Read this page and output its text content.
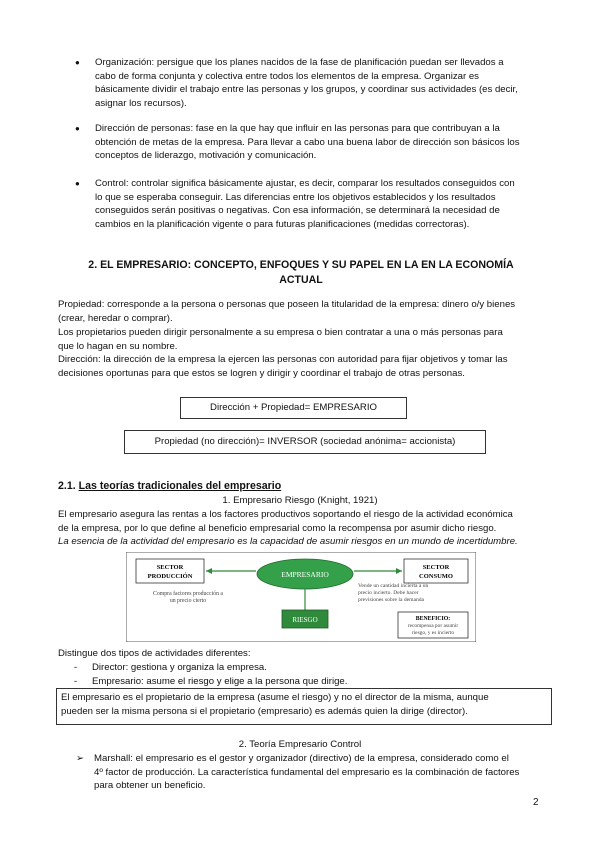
● Organización: persigue que los planes nacidos de la fase de planificación puedan ser llevados a
cabo de forma conjunta y colectiva entre todos los elementos de la empresa. Organizar es
básicamente dividir el trabajo entre las personas y los grupos, y coordinar sus actividades (es decir,
asignar los recursos).
● Dirección de personas: fase en la que hay que influir en las personas para que contribuyan a la
obtención de metas de la empresa. Para llevar a cabo una buena labor de dirección son básicos los
conceptos de liderazgo, motivación y comunicación.
● Control: controlar significa básicamente ajustar, es decir, comparar los resultados conseguidos con
lo que se esperaba conseguir. Las diferencias entre los objetivos establecidos y los resultados
conseguidos serán positivas o negativas. Con esa información, se determinará la necesidad de
cambios en la planificación vigente o para futuras planificaciones (medidas correctoras).
2. EL EMPRESARIO: CONCEPTO, ENFOQUES Y SU PAPEL EN LA EN LA ECONOMÍA
ACTUAL
Propiedad: corresponde a la persona o personas que poseen la titularidad de la empresa: dinero o/y bienes
(crear, heredar o comprar).
Los propietarios pueden dirigir personalmente a su empresa o bien contratar a una o más personas para
que lo hagan en su nombre.
Dirección: la dirección de la empresa la ejercen las personas con autoridad para fijar objetivos y tomar las
decisiones oportunas para que estos se logren y dirigir y coordinar el trabajo de otras personas.
Dirección + Propiedad= EMPRESARIO
Propiedad (no dirección)= INVERSOR (sociedad anónima= accionista)
2.1. Las teorías tradicionales del empresario
1. Empresario Riesgo (Knight, 1921)
El empresario asegura las rentas a los factores productivos soportando el riesgo de la actividad económica
de la empresa, por lo que define al beneficio empresarial como la recompensa por asumir dicho riesgo.
La esencia de la actividad del empresario es la capacidad de asumir riesgos en un mundo de incertidumbre.
SECTOR
PRODUCCIÓN
SECTOR
CONSUMO
EMPRESARIO
RIESGO
Compra factores producción a
un precio cierto
Vende un cantidad incierta a un
precio incierto. Debe hacer
previsiones sobre la demanda
BENEFICIO:
recompensa por asumir
riesgo, y es incierto
Distingue dos tipos de actividades diferentes:
- Director: gestiona y organiza la empresa.
- Empresario: asume el riesgo y elige a la persona que dirige.
El empresario es el propietario de la empresa (asume el riesgo) y no el director de la misma, aunque
pueden ser la misma persona si el propietario (empresario) es además quien la dirige (director).
2. Teoría Empresario Control
➢ Marshall: el empresario es el gestor y organizador (directivo) de la empresa, considerado como el
4º factor de producción. La característica fundamental del empresario es la combinación de factores
para obtener un beneficio.
2
